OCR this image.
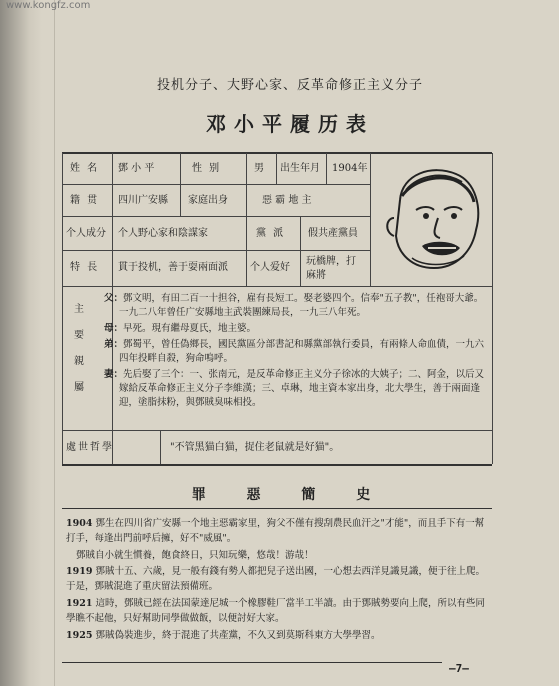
www.kongfz.com
投机分子、大野心家、反革命修正主义分子
邓小平履历表
姓 名 鄧 小 平	性 别	男 出生年月 1904年
籍 贯 四川广安縣 家庭出身	惡 霸 地 主
个人成分 个人野心家和陰謀家	黨 派 假共產黨員
特 長 貫于投机，善于耍兩面派 个人爱好
玩橋牌，打
麻將
主
要
親
屬
父：鄧文明，有田二百一十担谷，雇有長短工。娶老婆四个。信奉"五子教"，任袍哥大爺。一九二八年曾任广安縣地主武裝團練局長，一九三八年死。
母：早死。現有繼母夏氏，地主婆。
弟：鄧蜀平，曾任偽鄉長，國民黨區分部書記和縣黨部執行委員，有兩條人命血債，一九六四年投畔自殺，狗命嗚呼。
妻：先后娶了三个：一、张南元，是反革命修正主义分子徐冰的大姨子；二、阿金，以后又嫁給反革命修正主义分子李維漢；三、卓琳，地主資本家出身，北大學生，善于兩面逢迎，塗脂抹粉，與鄧賊臭味相投。
處世哲學	"不管黑猫白猫，捉住老鼠就是好猫"。
罪 惡 簡 史
1904 鄧生在四川省广安縣一个地主惡霸家里，狗父不僅有搜刮農民血汗之"才能"，而且手下有一幫打手，每逢出門前呼后擁，好不"威風"。
鄧賊自小就生慣養，飽食終日，只知玩樂，悠哉！游哉！
1919 鄧賊十五、六歲，見一般有錢有勢人都把兒子送出國，一心想去西洋見識見識，便于往上爬。于是，鄧賊混進了重庆留法預備班。
1921 這時，鄧賊已經在法国蒙達尼城一个橡膠鞋厂當半工半讀。由于鄧賊勢要向上爬，所以有些同學瞧不起他，只好幫助同學做做飯，以便討好大家。
1925 鄧賊偽裝進步，終于混進了共產黨，不久又到莫斯科東方大學學習。
—7—
